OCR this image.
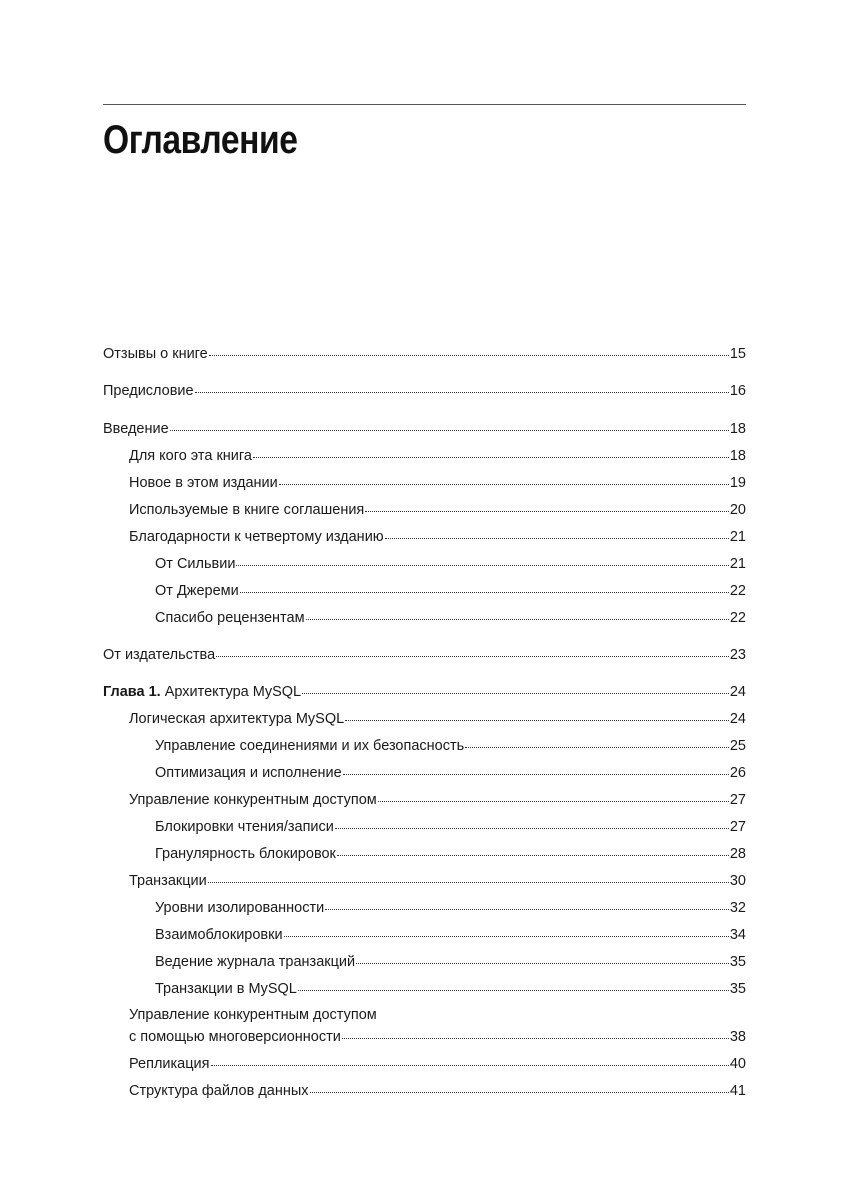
Оглавление
Отзывы о книге	15
Предисловие	16
Введение	18
Для кого эта книга	18
Новое в этом издании	19
Используемые в книге соглашения	20
Благодарности к четвертому изданию	21
От Сильвии	21
От Джереми	22
Спасибо рецензентам	22
От издательства	23
Глава 1. Архитектура MySQL	24
Логическая архитектура MySQL	24
Управление соединениями и их безопасность	25
Оптимизация и исполнение	26
Управление конкурентным доступом	27
Блокировки чтения/записи	27
Гранулярность блокировок	28
Транзакции	30
Уровни изолированности	32
Взаимоблокировки	34
Ведение журнала транзакций	35
Транзакции в MySQL	35
Управление конкурентным доступом
с помощью многоверсионности	38
Репликация	40
Структура файлов данных	41
